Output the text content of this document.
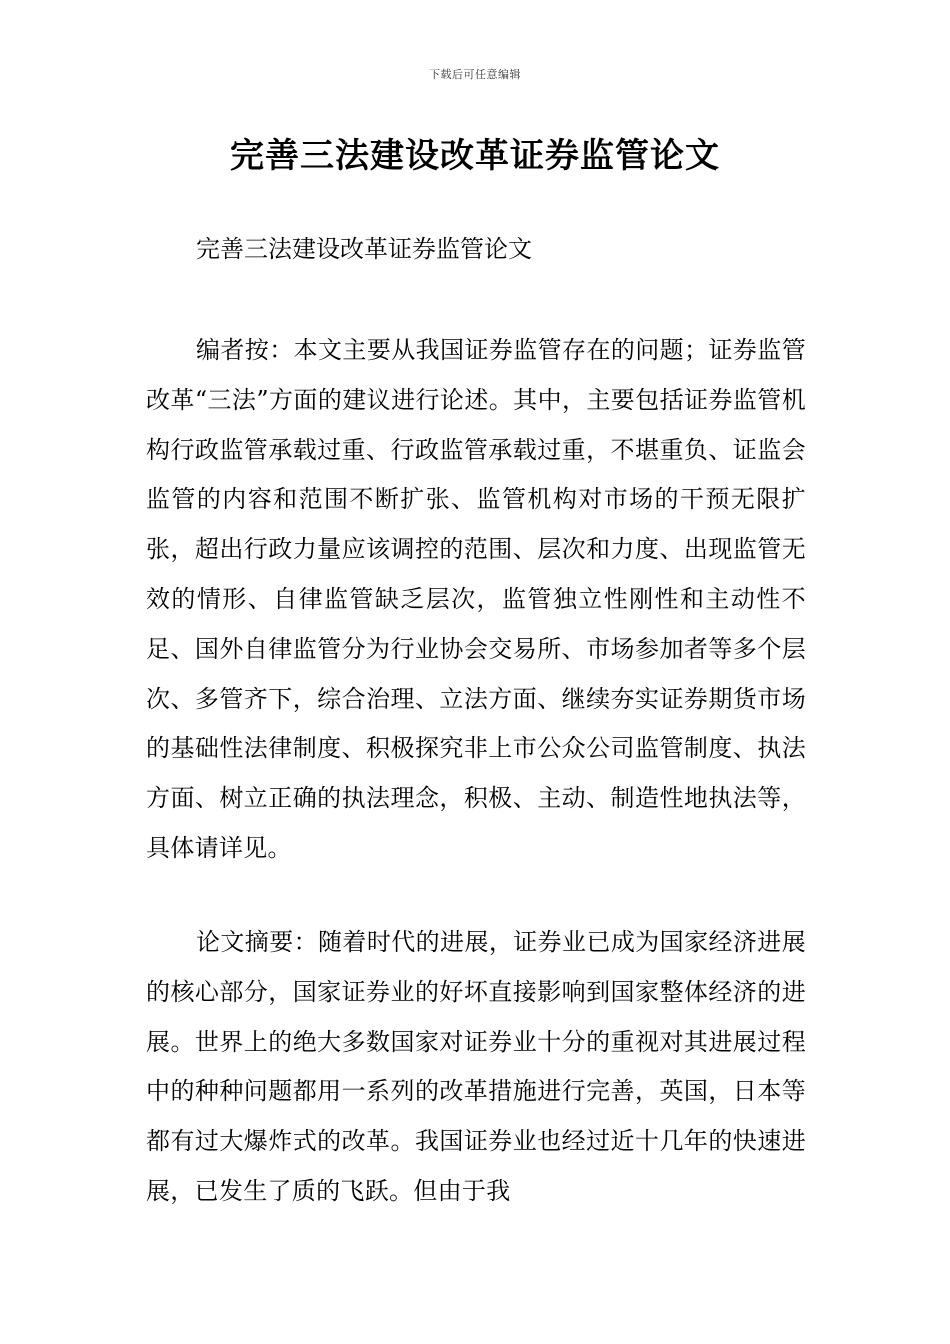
下载后可任意编辑
完善三法建设改革证券监管论文
完善三法建设改革证券监管论文
编者按：本文主要从我国证券监管存在的问题；证券监管改革“三法”方面的建议进行论述。其中，主要包括证券监管机构行政监管承载过重、行政监管承载过重，不堪重负、证监会监管的内容和范围不断扩张、监管机构对市场的干预无限扩张，超出行政力量应该调控的范围、层次和力度、出现监管无效的情形、自律监管缺乏层次，监管独立性刚性和主动性不足、国外自律监管分为行业协会交易所、市场参加者等多个层次、多管齐下，综合治理、立法方面、继续夯实证券期货市场的基础性法律制度、积极探究非上市公众公司监管制度、执法方面、树立正确的执法理念，积极、主动、制造性地执法等，具体请详见。
论文摘要：随着时代的进展，证券业已成为国家经济进展的核心部分，国家证券业的好坏直接影响到国家整体经济的进展。世界上的绝大多数国家对证券业十分的重视对其进展过程中的种种问题都用一系列的改革措施进行完善，英国，日本等都有过大爆炸式的改革。我国证券业也经过近十几年的快速进展，已发生了质的飞跃。但由于我
